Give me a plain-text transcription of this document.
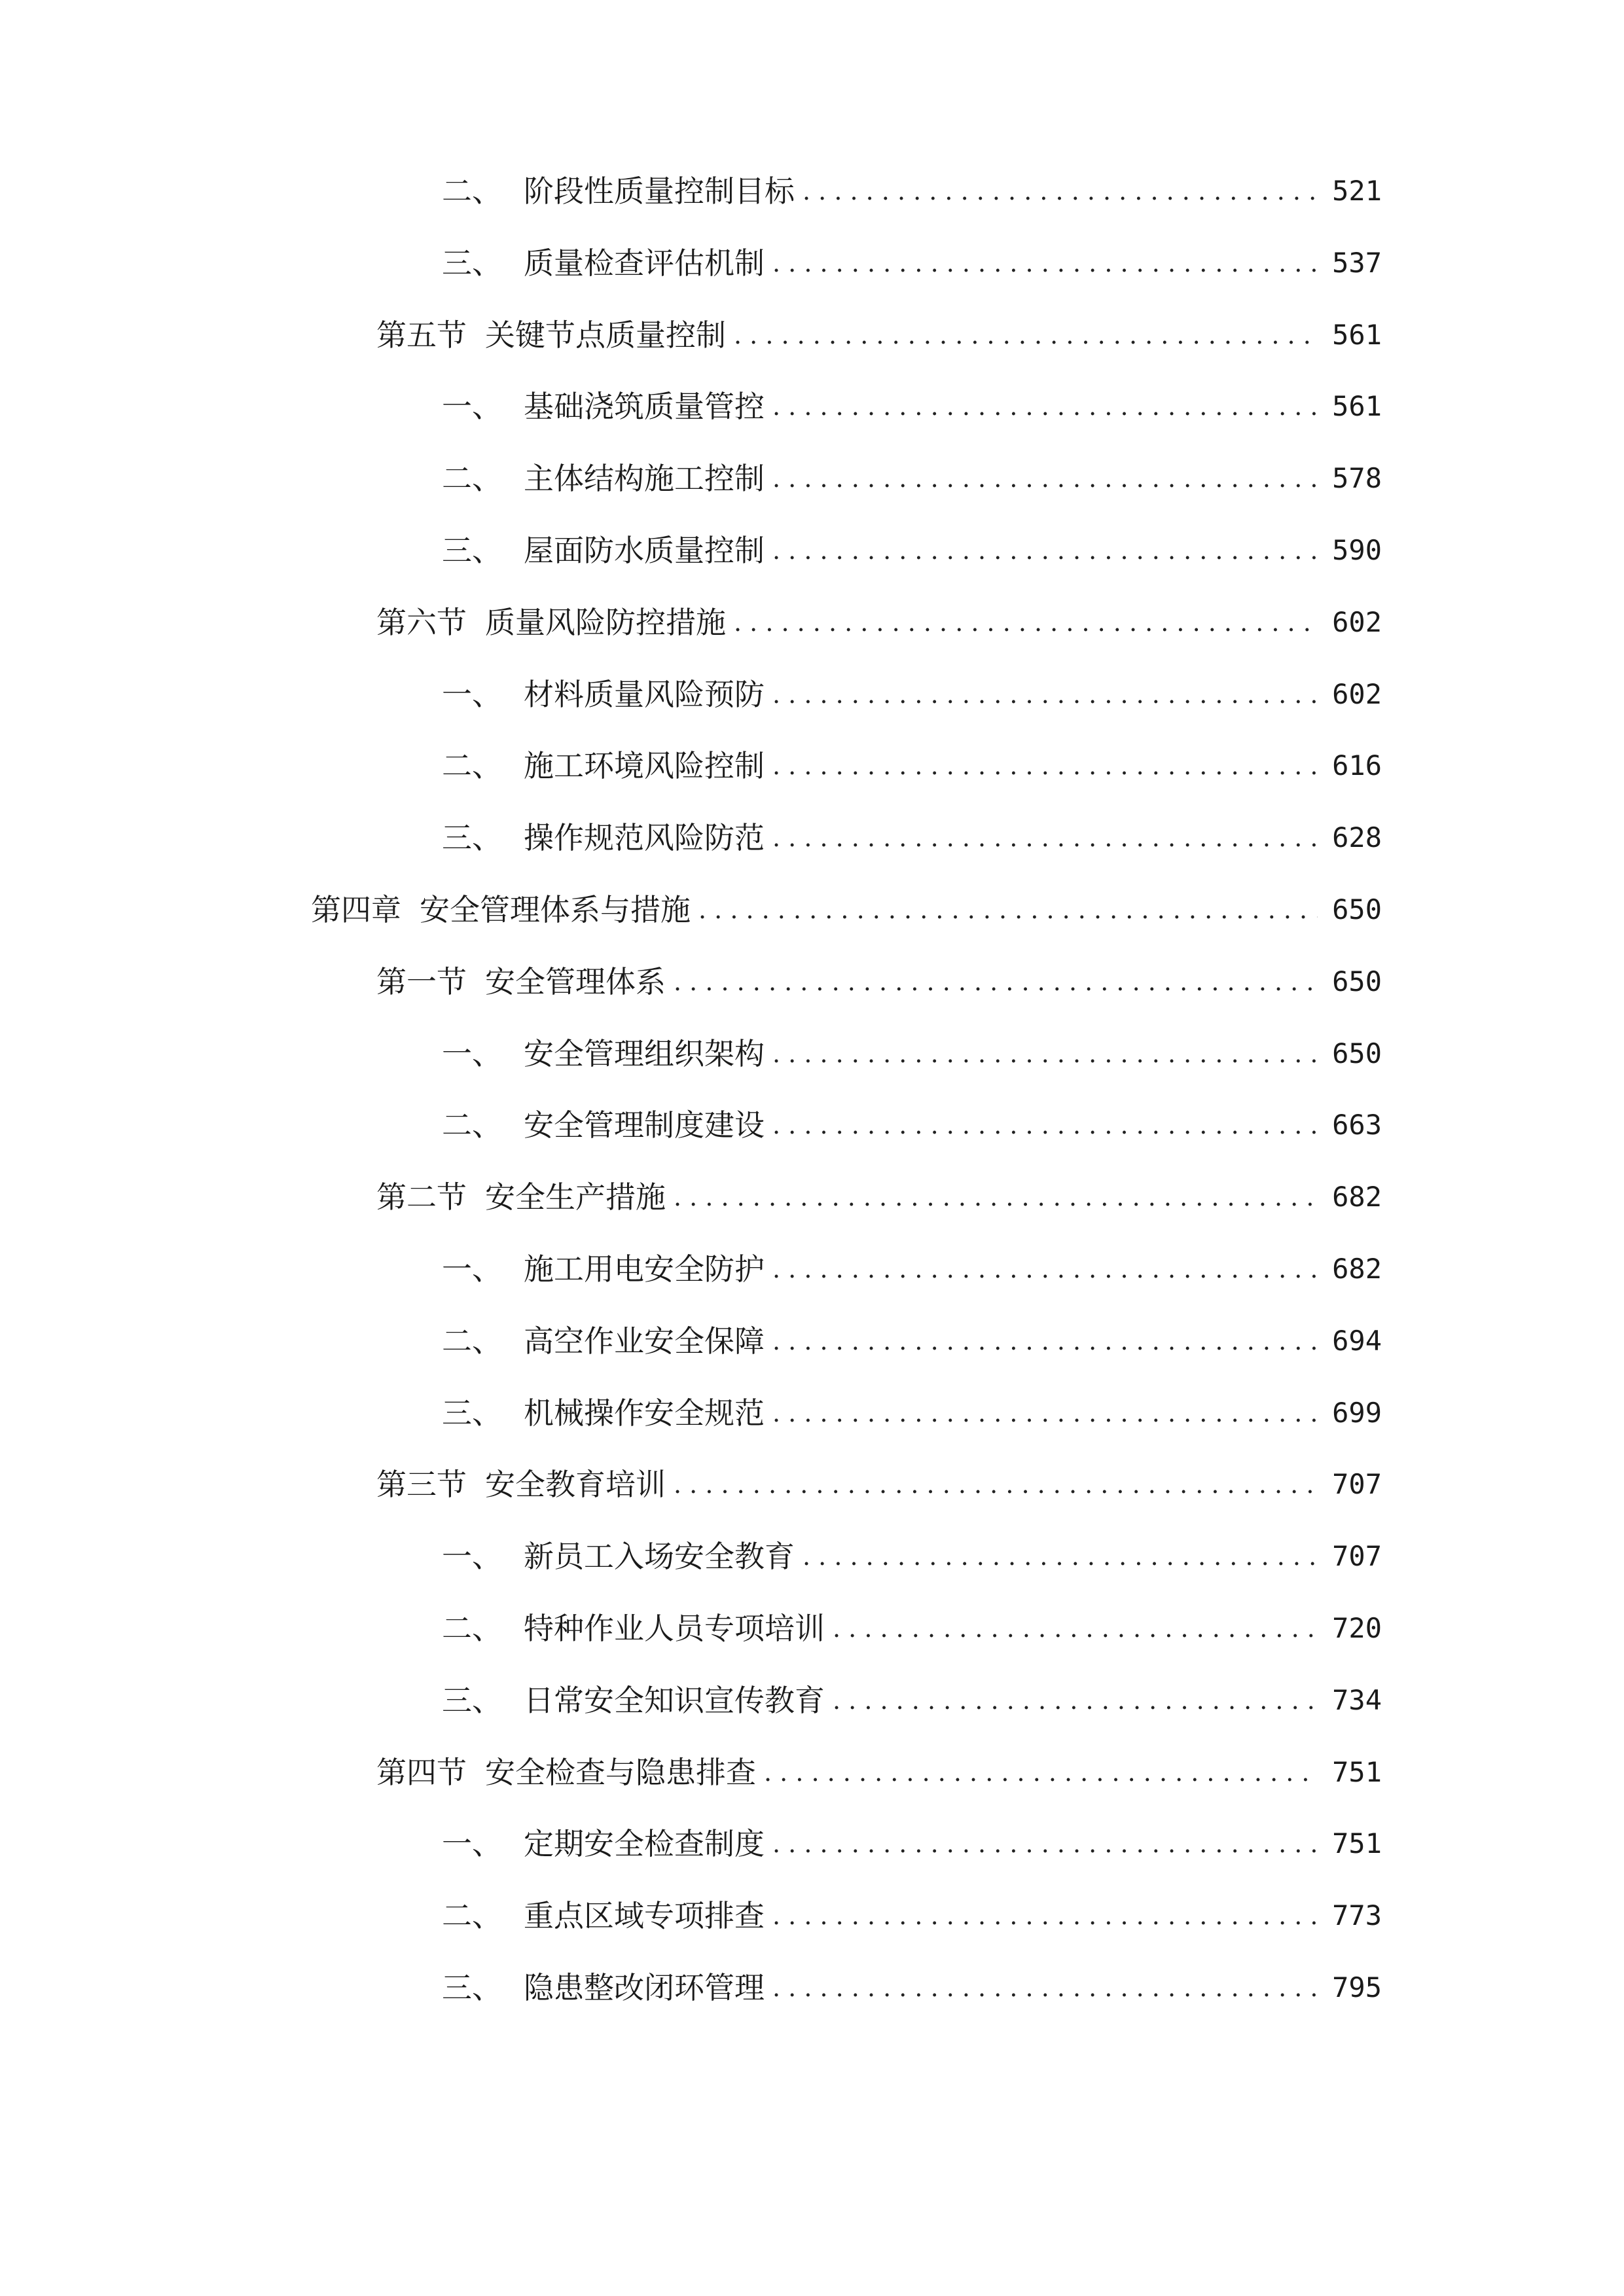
二、 阶段性质量控制目标 . . .	521
三、 质量检查评估机制 . . .	537
第五节 关键节点质量控制 . . .	561
一、 基础浇筑质量管控 . . .	561
二、 主体结构施工控制 . . .	578
三、 屋面防水质量控制 . . .	590
第六节 质量风险防控措施 . . .	602
一、 材料质量风险预防 . . .	602
二、 施工环境风险控制 . . .	616
三、 操作规范风险防范 . . .	628
第四章 安全管理体系与措施 . . .	650
第一节 安全管理体系 . . .	650
一、 安全管理组织架构 . . .	650
二、 安全管理制度建设 . . .	663
第二节 安全生产措施 . . .	682
一、 施工用电安全防护 . . .	682
二、 高空作业安全保障 . . .	694
三、 机械操作安全规范 . . .	699
第三节 安全教育培训 . . .	707
一、 新员工入场安全教育 . . .	707
二、 特种作业人员专项培训 . . .	720
三、 日常安全知识宣传教育 . . .	734
第四节 安全检查与隐患排查 . . .	751
一、 定期安全检查制度 . . .	751
二、 重点区域专项排查 . . .	773
三、 隐患整改闭环管理 . . .	795
